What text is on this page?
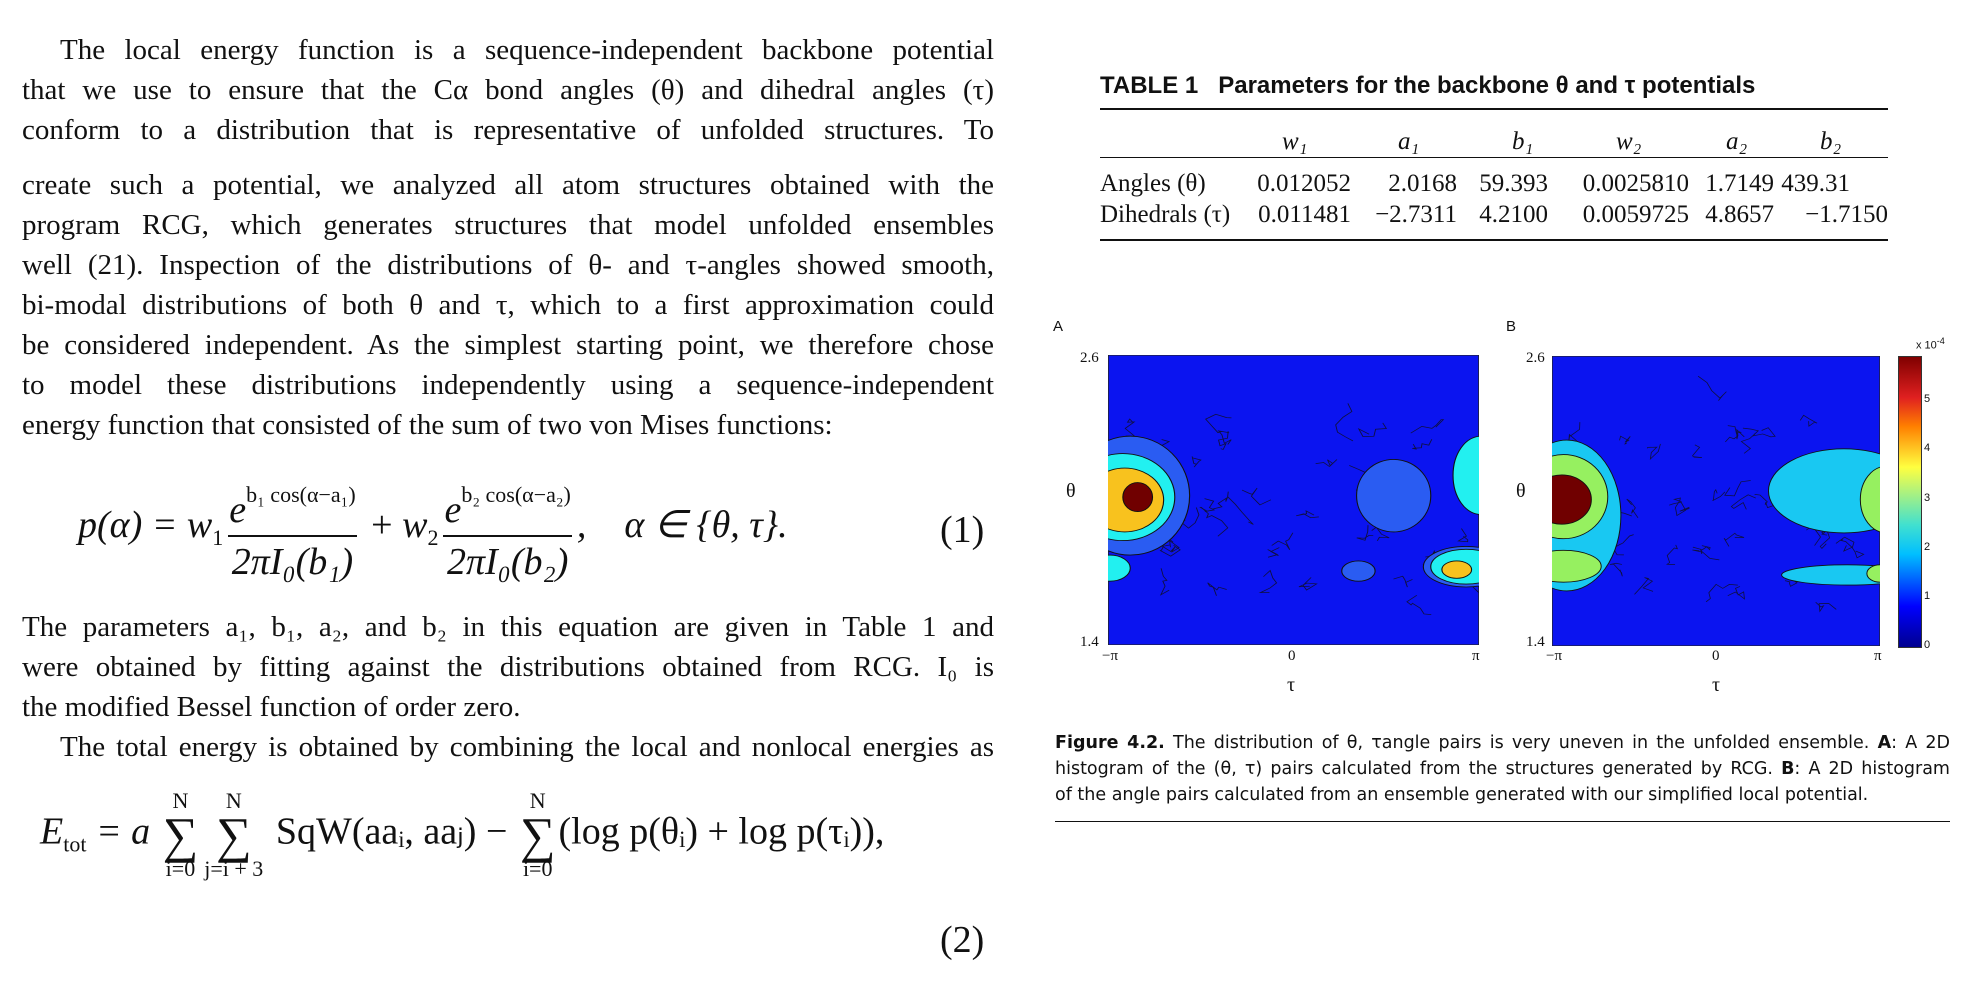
The local energy function is a sequence-independent backbone potential
that we use to ensure that the Cα bond angles (θ) and dihedral angles (τ)
conform to a distribution that is representative of unfolded structures. To
create such a potential, we analyzed all atom structures obtained with the
program RCG, which generates structures that model unfolded ensembles
well (21). Inspection of the distributions of θ- and τ-angles showed smooth,
bi-modal distributions of both θ and τ, which to a first approximation could
be considered independent. As the simplest starting point, we therefore chose
to model these distributions independently using a sequence-independent
energy function that consisted of the sum of two von Mises functions:
$p(\alpha) = w_1 \frac{e^{b_1 cos(\alpha-a_1)}}{\text{2πI₀(b₁)}} + w_2 \frac{e^{b_2 cos(\alpha-a_2)}}{\text{2πI₀(b₂)}}$ ,    α ∈ {θ, τ}.	(1)
The parameters a₁, b₁, a₂, and b₂ in this equation are given in Table 1 and
were obtained by fitting against the distributions obtained from RCG. I₀ is
the modified Bessel function of order zero.
The total energy is obtained by combining the local and nonlocal energies as
$E_{tot} = a$
N
∑
i=0
N
∑
j=i + 3
SqW(aaᵢ, aaⱼ) −
N
∑
i=0
(log p(θᵢ) + log p(τᵢ)),
(2)
TABLE 1   Parameters for the backbone θ and τ potentials
w₁	a₁	b₁	w₂	a₂	b₂
Angles (θ) 0.012052 2.0168 59.393 0.0025810 1.7149 439.31
Dihedrals (τ) 0.011481 −2.7311 4.2100 0.0059725 4.8657 −1.7150
A
2.6
1.4
θ
−π	0	π
τ
B
2.6
1.4
θ
−π	0	π
τ
x $10^{-4}$
0
1
2
3
4
5
Figure 4.2. The distribution of θ, τangle pairs is very uneven in the unfolded ensemble. A: A 2D
histogram of the (θ, τ) pairs calculated from the structures generated by RCG. B: A 2D histogram
of the angle pairs calculated from an ensemble generated with our simplified local potential.
